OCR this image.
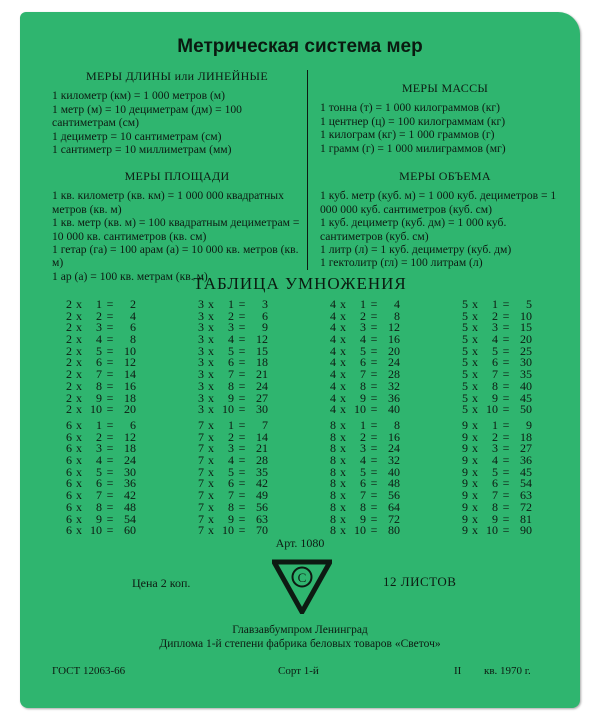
Метрическая система мер
МЕРЫ ДЛИНЫ или ЛИНЕЙНЫЕ
1 километр (км) = 1 000 метров (м)
1 метр (м) = 10 дециметрам (дм) = 100 сантиметрам (см)
1 дециметр = 10 сантиметрам (см)
1 сантиметр = 10 миллиметрам (мм)
МЕРЫ ПЛОЩАДИ
1 кв. километр (кв. км) = 1 000 000 квадратных метров (кв. м)
1 кв. метр (кв. м) = 100 квадратным дециметрам = 10 000 кв. сантиметров (кв. см)
1 гетар (га) = 100 арам (а) = 10 000 кв. метров (кв. м)
1 ар (а) = 100 кв. метрам (кв. м)
МЕРЫ МАССЫ
1 тонна (т) = 1 000 килограммов (кг)
1 центнер (ц) = 100 килограммам (кг)
1 килограм (кг) = 1 000 граммов (г)
1 грамм (г) = 1 000 милиграммов (мг)
МЕРЫ ОБЪЕМА
1 куб. метр (куб. м) = 1 000 куб. дециметров = 1 000 000 куб. сантиметров (куб. см)
1 куб. дециметр (куб. дм) = 1 000 куб. сантиметров (куб. см)
1 литр (л) = 1 куб. дециметру (куб. дм)
1 гектолитр (гл) = 100 литрам (л)
ТАБЛИЦА УМНОЖЕНИЯ
2 x 1 = 2
2 x 2 = 4
2 x 3 = 6
2 x 4 = 8
2 x 5 = 10
2 x 6 = 12
2 x 7 = 14
2 x 8 = 16
2 x 9 = 18
2 x 10 = 20
3 x 1 = 3
3 x 2 = 6
3 x 3 = 9
3 x 4 = 12
3 x 5 = 15
3 x 6 = 18
3 x 7 = 21
3 x 8 = 24
3 x 9 = 27
3 x 10 = 30
4 x 1 = 4
4 x 2 = 8
4 x 3 = 12
4 x 4 = 16
4 x 5 = 20
4 x 6 = 24
4 x 7 = 28
4 x 8 = 32
4 x 9 = 36
4 x 10 = 40
5 x 1 = 5
5 x 2 = 10
5 x 3 = 15
5 x 4 = 20
5 x 5 = 25
5 x 6 = 30
5 x 7 = 35
5 x 8 = 40
5 x 9 = 45
5 x 10 = 50
6 x 1 = 6
6 x 2 = 12
6 x 3 = 18
6 x 4 = 24
6 x 5 = 30
6 x 6 = 36
6 x 7 = 42
6 x 8 = 48
6 x 9 = 54
6 x 10 = 60
7 x 1 = 7
7 x 2 = 14
7 x 3 = 21
7 x 4 = 28
7 x 5 = 35
7 x 6 = 42
7 x 7 = 49
7 x 8 = 56
7 x 9 = 63
7 x 10 = 70
8 x 1 = 8
8 x 2 = 16
8 x 3 = 24
8 x 4 = 32
8 x 5 = 40
8 x 6 = 48
8 x 7 = 56
8 x 8 = 64
8 x 9 = 72
8 x 10 = 80
9 x 1 = 9
9 x 2 = 18
9 x 3 = 27
9 x 4 = 36
9 x 5 = 45
9 x 6 = 54
9 x 7 = 63
9 x 8 = 72
9 x 9 = 81
9 x 10 = 90
Арт. 1080
Цена 2 коп.	С	12 ЛИСТОВ
Главзавбумпром Ленинград
Диплома 1-й степени фабрика беловых товаров «Светоч»
ГОСТ 12063-66	Сорт 1-й	II кв. 1970 г.
